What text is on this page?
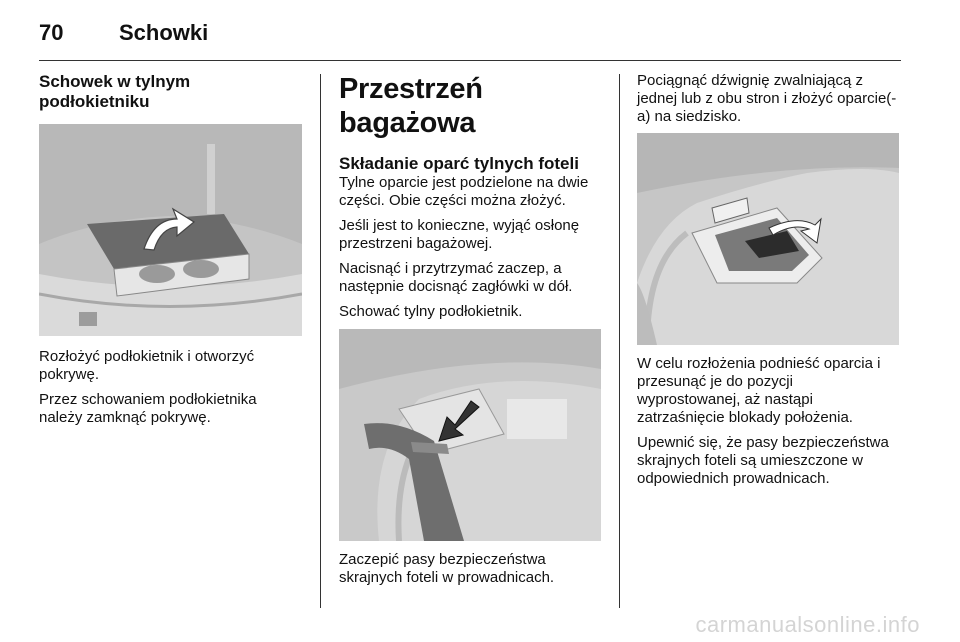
70	Schowki
Schowek w tylnym podłokietniku

Rozłożyć podłokietnik i otworzyć pokrywę.

Przez schowaniem podłokietnika należy zamknąć pokrywę.

Przestrzeń bagażowa
Składanie oparć tylnych foteli

Tylne oparcie jest podzielone na dwie części. Obie części można złożyć.

Jeśli jest to konieczne, wyjąć osłonę przestrzeni bagażowej.

Nacisnąć i przytrzymać zaczep, a następnie docisnąć zagłówki w dół.

Schować tylny podłokietnik.

Zaczepić pasy bezpieczeństwa skrajnych foteli w prowadnicach.

Pociągnąć dźwignię zwalniającą z jednej lub z obu stron i złożyć oparcie(-a) na siedzisko.

W celu rozłożenia podnieść oparcia i przesunąć je do pozycji wyprostowanej, aż nastąpi zatrzaśnięcie blokady położenia.

Upewnić się, że pasy bezpieczeństwa skrajnych foteli są umieszczone w odpowiednich prowadnicach.

carmanualsonline.info
